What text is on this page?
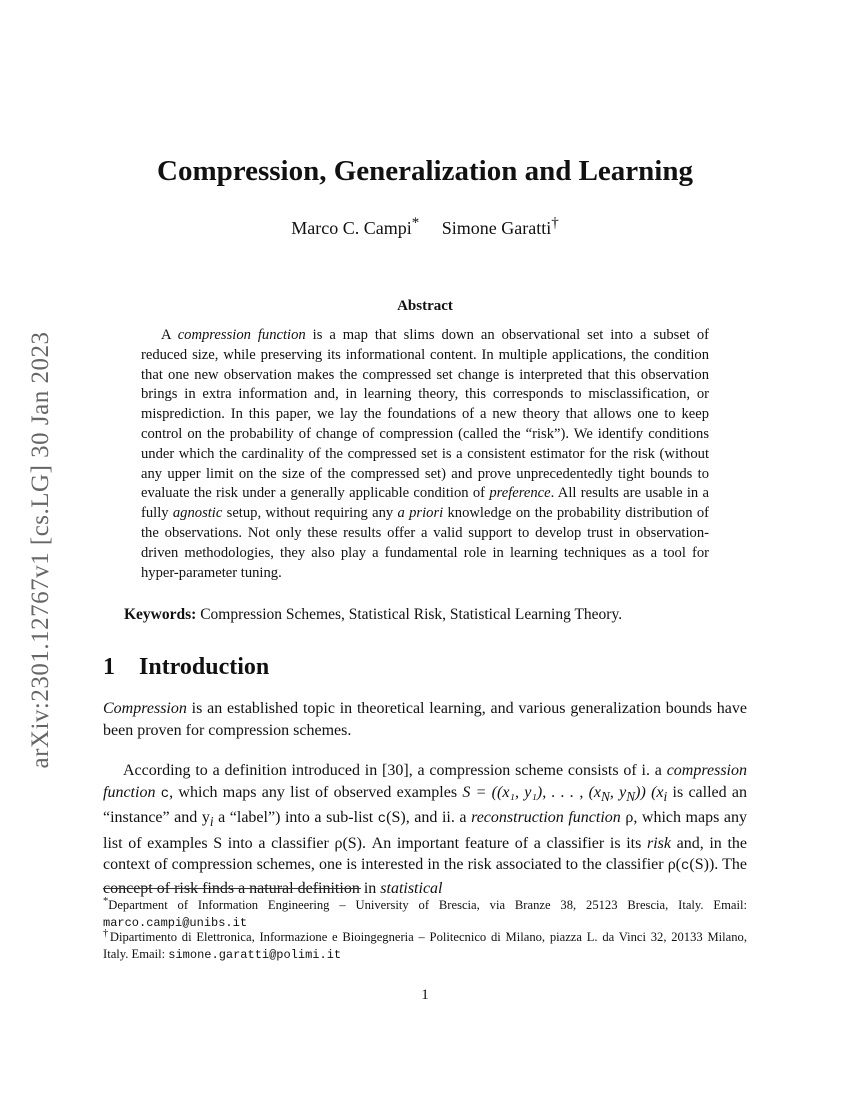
arXiv:2301.12767v1 [cs.LG] 30 Jan 2023
Compression, Generalization and Learning
Marco C. Campi* Simone Garatti†
Abstract
A compression function is a map that slims down an observational set into a subset of reduced size, while preserving its informational content. In multiple applications, the condition that one new observation makes the compressed set change is interpreted that this observation brings in extra information and, in learning theory, this corresponds to misclassification, or misprediction. In this paper, we lay the foundations of a new theory that allows one to keep control on the probability of change of compression (called the “risk”). We identify conditions under which the cardinality of the compressed set is a consistent estimator for the risk (without any upper limit on the size of the compressed set) and prove unprecedentedly tight bounds to evaluate the risk under a generally applicable condition of preference. All results are usable in a fully agnostic setup, without requiring any a priori knowledge on the probability distribution of the observations. Not only these results offer a valid support to develop trust in observation-driven methodologies, they also play a fundamental role in learning techniques as a tool for hyper-parameter tuning.
Keywords: Compression Schemes, Statistical Risk, Statistical Learning Theory.
1 Introduction
Compression is an established topic in theoretical learning, and various generalization bounds have been proven for compression schemes.
According to a definition introduced in [30], a compression scheme consists of i. a compression function c, which maps any list of observed examples S = ((x₁, y₁), . . . , ($x_N$, $y_N$)) ($x_i$ is called an “instance” and $y_i$ a “label”) into a sub-list c(S), and ii. a reconstruction function ρ, which maps any list of examples S into a classifier ρ(S). An important feature of a classifier is its risk and, in the context of compression schemes, one is interested in the risk associated to the classifier ρ(c(S)). The concept of risk finds a natural definition in statistical
*Department of Information Engineering – University of Brescia, via Branze 38, 25123 Brescia, Italy. Email: marco.campi@unibs.it
†Dipartimento di Elettronica, Informazione e Bioingegneria – Politecnico di Milano, piazza L. da Vinci 32, 20133 Milano, Italy. Email: simone.garatti@polimi.it
1
